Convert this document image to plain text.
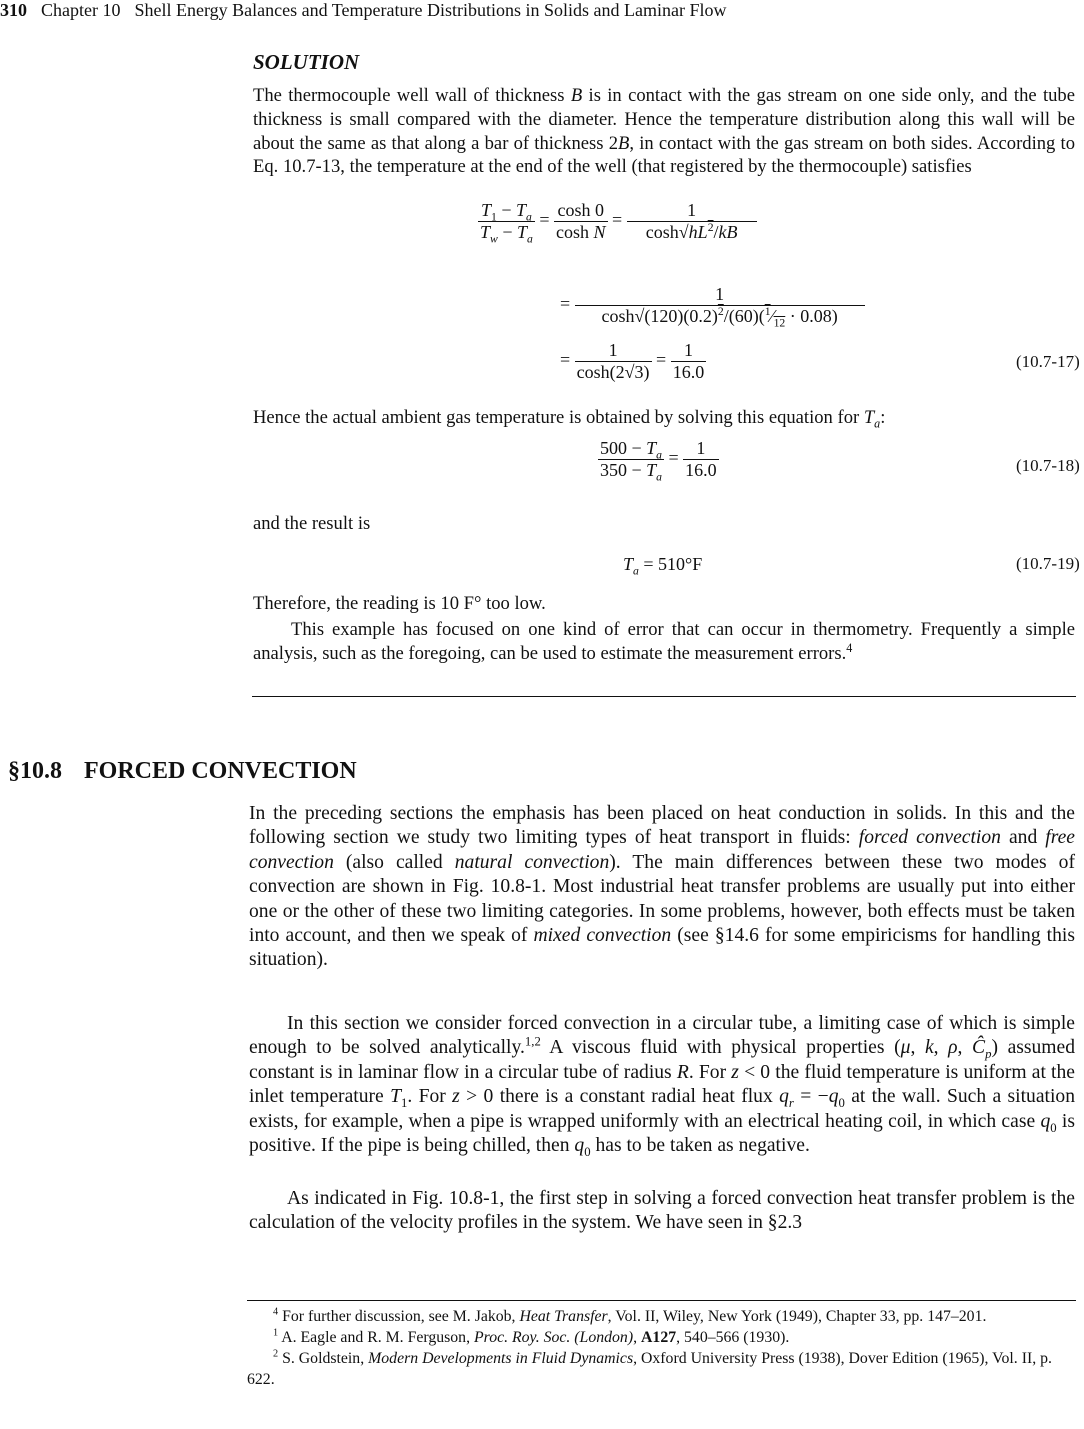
310 Chapter 10 Shell Energy Balances and Temperature Distributions in Solids and Laminar Flow
SOLUTION

The thermocouple well wall of thickness B is in contact with the gas stream on one side only, and the tube thickness is small compared with the diameter. Hence the temperature distribution along this wall will be about the same as that along a bar of thickness 2B, in contact with the gas stream on both sides. According to Eq. 10.7-13, the temperature at the end of the well (that registered by the thermocouple) satisfies

$\frac{T_1 - T_a}{T_w - T_a} = \frac{\cosh 0}{\text{cosh N}} = \frac{1}{\cosh√hL^2/kB}$
= $\frac{1}{\cosh√(120)(0.2)^2/(60)(^1⁄_{12} \cdot 0.08)}$
= $\frac{1}{\cosh(2√3)} = \frac{1}{16.0}$	(10.7-17)

Hence the actual ambient gas temperature is obtained by solving this equation for $T_a$:

$\frac{500 - T_a}{350 - T_a} = \frac{1}{16.0}$	(10.7-18)
and the result is
$T_a = 510^\circ F$	(10.7-19)
Therefore, the reading is 10 F° too low.

This example has focused on one kind of error that can occur in thermometry. Frequently a simple analysis, such as the foregoing, can be used to estimate the measurement errors.$^4$

§10.8 FORCED CONVECTION

In the preceding sections the emphasis has been placed on heat conduction in solids. In this and the following section we study two limiting types of heat transport in fluids: forced convection and free convection (also called natural convection). The main differences between these two modes of convection are shown in Fig. 10.8-1. Most industrial heat transfer problems are usually put into either one or the other of these two limiting categories. In some problems, however, both effects must be taken into account, and then we speak of mixed convection (see §14.6 for some empiricisms for handling this situation).

In this section we consider forced convection in a circular tube, a limiting case of which is simple enough to be solved analytically.$^{1,2}$ A viscous fluid with physical properties (μ, k, ρ, $Ĉ_p$) assumed constant is in laminar flow in a circular tube of radius R. For z < 0 the fluid temperature is uniform at the inlet temperature $T_1$. For z > 0 there is a constant radial heat flux $q_r = -q_0$ at the wall. Such a situation exists, for example, when a pipe is wrapped uniformly with an electrical heating coil, in which case $q_0$ is positive. If the pipe is being chilled, then $q_0$ has to be taken as negative.

As indicated in Fig. 10.8-1, the first step in solving a forced convection heat transfer problem is the calculation of the velocity profiles in the system. We have seen in §2.3

$^4$ For further discussion, see M. Jakob, Heat Transfer, Vol. II, Wiley, New York (1949), Chapter 33, pp. 147–201.

$^1$ A. Eagle and R. M. Ferguson, Proc. Roy. Soc. (London), A127, 540–566 (1930).

$^2$ S. Goldstein, Modern Developments in Fluid Dynamics, Oxford University Press (1938), Dover Edition (1965), Vol. II, p. 622.
